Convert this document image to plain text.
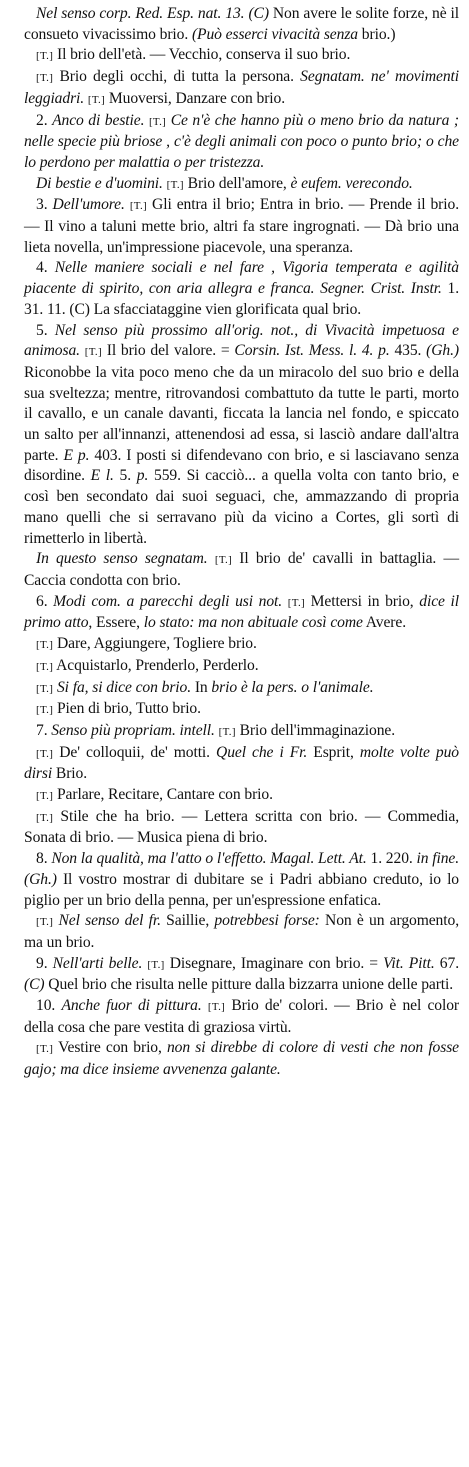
Nel senso corp. Red. Esp. nat. 13. (C) Non avere le solite forze, nè il consueto vivacissimo brio. (Può esserci vivacità senza brio.)

[T.] Il brio dell'età. — Vecchio, conserva il suo brio.

[T.] Brio degli occhi, di tutta la persona. Segnatam. ne' movimenti leggiadri. [T.] Muoversi, Danzare con brio.

2. Anco di bestie. [T.] Ce n'è che hanno più o meno brio da natura ; nelle specie più briose , c'è degli animali con poco o punto brio; o che lo perdono per malattia o per tristezza.

Di bestie e d'uomini. [T.] Brio dell'amore, è eufem. verecondo.

3. Dell'umore. [T.] Gli entra il brio; Entra in brio. — Prende il brio. — Il vino a taluni mette brio, altri fa stare ingrognati. — Dà brio una lieta novella, un'impressione piacevole, una speranza.

4. Nelle maniere sociali e nel fare , Vigoria temperata e agilità piacente di spirito, con aria allegra e franca. Segner. Crist. Instr. 1. 31. 11. (C) La sfacciataggine vien glorificata qual brio.

5. Nel senso più prossimo all'orig. not., di Vivacità impetuosa e animosa. [T.] Il brio del valore. = Corsin. Ist. Mess. l. 4. p. 435. (Gh.) Riconobbe la vita poco meno che da un miracolo del suo brio e della sua sveltezza; mentre, ritrovandosi combattuto da tutte le parti, morto il cavallo, e un canale davanti, ficcata la lancia nel fondo, e spiccato un salto per all'innanzi, attenendosi ad essa, si lasciò andare dall'altra parte. E p. 403. I posti si difendevano con brio, e si lasciavano senza disordine. E l. 5. p. 559. Si cacciò... a quella volta con tanto brio, e così ben secondato dai suoi seguaci, che, ammazzando di propria mano quelli che si serravano più da vicino a Cortes, gli sortì di rimetterlo in libertà.

In questo senso segnatam. [T.] Il brio de' cavalli in battaglia. — Caccia condotta con brio.

6. Modi com. a parecchi degli usi not. [T.] Mettersi in brio, dice il primo atto, Essere, lo stato: ma non abituale così come Avere.

[T.] Dare, Aggiungere, Togliere brio.

[T.] Acquistarlo, Prenderlo, Perderlo.

[T.] Si fa, si dice con brio. In brio è la pers. o l'animale.

[T.] Pien di brio, Tutto brio.

7. Senso più propriam. intell. [T.] Brio dell'immaginazione.

[T.] De' colloquii, de' motti. Quel che i Fr. Esprit, molte volte può dirsi Brio.

[T.] Parlare, Recitare, Cantare con brio.

[T.] Stile che ha brio. — Lettera scritta con brio. — Commedia, Sonata di brio. — Musica piena di brio.

8. Non la qualità, ma l'atto o l'effetto. Magal. Lett. At. 1. 220. in fine. (Gh.) Il vostro mostrar di dubitare se i Padri abbiano creduto, io lo piglio per un brio della penna, per un'espressione enfatica.

[T.] Nel senso del fr. Saillie, potrebbesi forse: Non è un argomento, ma un brio.

9. Nell'arti belle. [T.] Disegnare, Imaginare con brio. = Vit. Pitt. 67. (C) Quel brio che risulta nelle pitture dalla bizzarra unione delle parti.

10. Anche fuor di pittura. [T.] Brio de' colori. — Brio è nel color della cosa che pare vestita di graziosa virtù.

[T.] Vestire con brio, non si direbbe di colore di vesti che non fosse gajo; ma dice insieme avvenenza galante.
